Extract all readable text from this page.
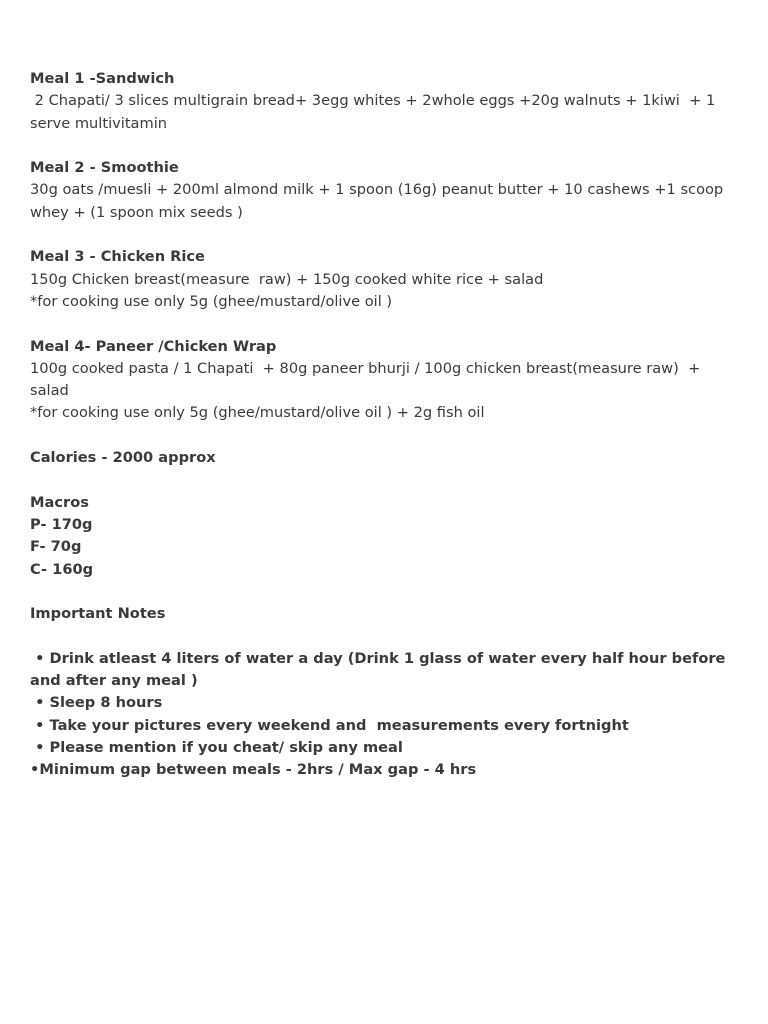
Meal 1 -Sandwich
2 Chapati/ 3 slices multigrain bread+ 3egg whites + 2whole eggs +20g walnuts + 1kiwi  + 1 serve multivitamin
Meal 2 - Smoothie
30g oats /muesli + 200ml almond milk + 1 spoon (16g) peanut butter + 10 cashews +1 scoop whey + (1 spoon mix seeds )
Meal 3 - Chicken Rice
150g Chicken breast(measure  raw) + 150g cooked white rice + salad
*for cooking use only 5g (ghee/mustard/olive oil )
Meal 4- Paneer /Chicken Wrap
100g cooked pasta / 1 Chapati  + 80g paneer bhurji / 100g chicken breast(measure raw)  + salad
*for cooking use only 5g (ghee/mustard/olive oil ) + 2g fish oil
Calories - 2000 approx
Macros
P- 170g
F- 70g
C- 160g
Important Notes
• Drink atleast 4 liters of water a day (Drink 1 glass of water every half hour before and after any meal )
• Sleep 8 hours
• Take your pictures every weekend and  measurements every fortnight
• Please mention if you cheat/ skip any meal
•Minimum gap between meals - 2hrs / Max gap - 4 hrs
